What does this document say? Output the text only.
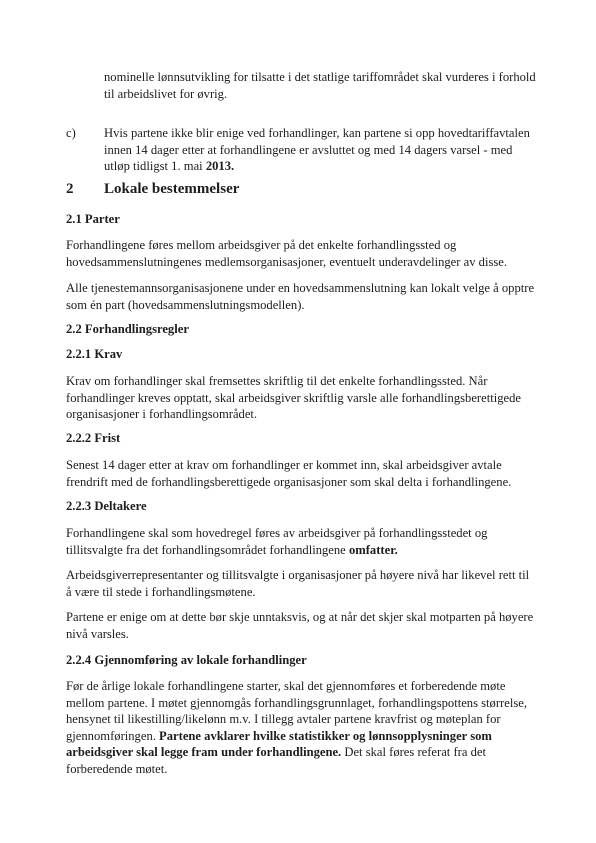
nominelle lønnsutvikling for tilsatte i det statlige tariffområdet skal vurderes i forhold til arbeidslivet for øvrig.
c)	Hvis partene ikke blir enige ved forhandlinger, kan partene si opp hovedtariffavtalen innen 14 dager etter at forhandlingene er avsluttet og med 14 dagers varsel - med utløp tidligst 1. mai 2013.
2 Lokale bestemmelser
2.1 Parter
Forhandlingene føres mellom arbeidsgiver på det enkelte forhandlingssted og hovedsammenslutningenes medlemsorganisasjoner, eventuelt underavdelinger av disse.
Alle tjenestemannsorganisasjonene under en hovedsammenslutning kan lokalt velge å opptre som én part (hovedsammenslutningsmodellen).
2.2 Forhandlingsregler
2.2.1 Krav
Krav om forhandlinger skal fremsettes skriftlig til det enkelte forhandlingssted. Når forhandlinger kreves opptatt, skal arbeidsgiver skriftlig varsle alle forhandlingsberettigede organisasjoner i forhandlingsområdet.
2.2.2 Frist
Senest 14 dager etter at krav om forhandlinger er kommet inn, skal arbeidsgiver avtale frendrift med de forhandlingsberettigede organisasjoner som skal delta i forhandlingene.
2.2.3 Deltakere
Forhandlingene skal som hovedregel føres av arbeidsgiver på forhandlingsstedet og tillitsvalgte fra det forhandlingsområdet forhandlingene omfatter.
Arbeidsgiverrepresentanter og tillitsvalgte i organisasjoner på høyere nivå har likevel rett til å være til stede i forhandlingsmøtene.
Partene er enige om at dette bør skje unntaksvis, og at når det skjer skal motparten på høyere nivå varsles.
2.2.4 Gjennomføring av lokale forhandlinger
Før de årlige lokale forhandlingene starter, skal det gjennomføres et forberedende møte mellom partene. I møtet gjennomgås forhandlingsgrunnlaget, forhandlingspottens størrelse, hensynet til likestilling/likelønn m.v. I tillegg avtaler partene kravfrist og møteplan for gjennomføringen. Partene avklarer hvilke statistikker og lønnsopplysninger som arbeidsgiver skal legge fram under forhandlingene. Det skal føres referat fra det forberedende møtet.
